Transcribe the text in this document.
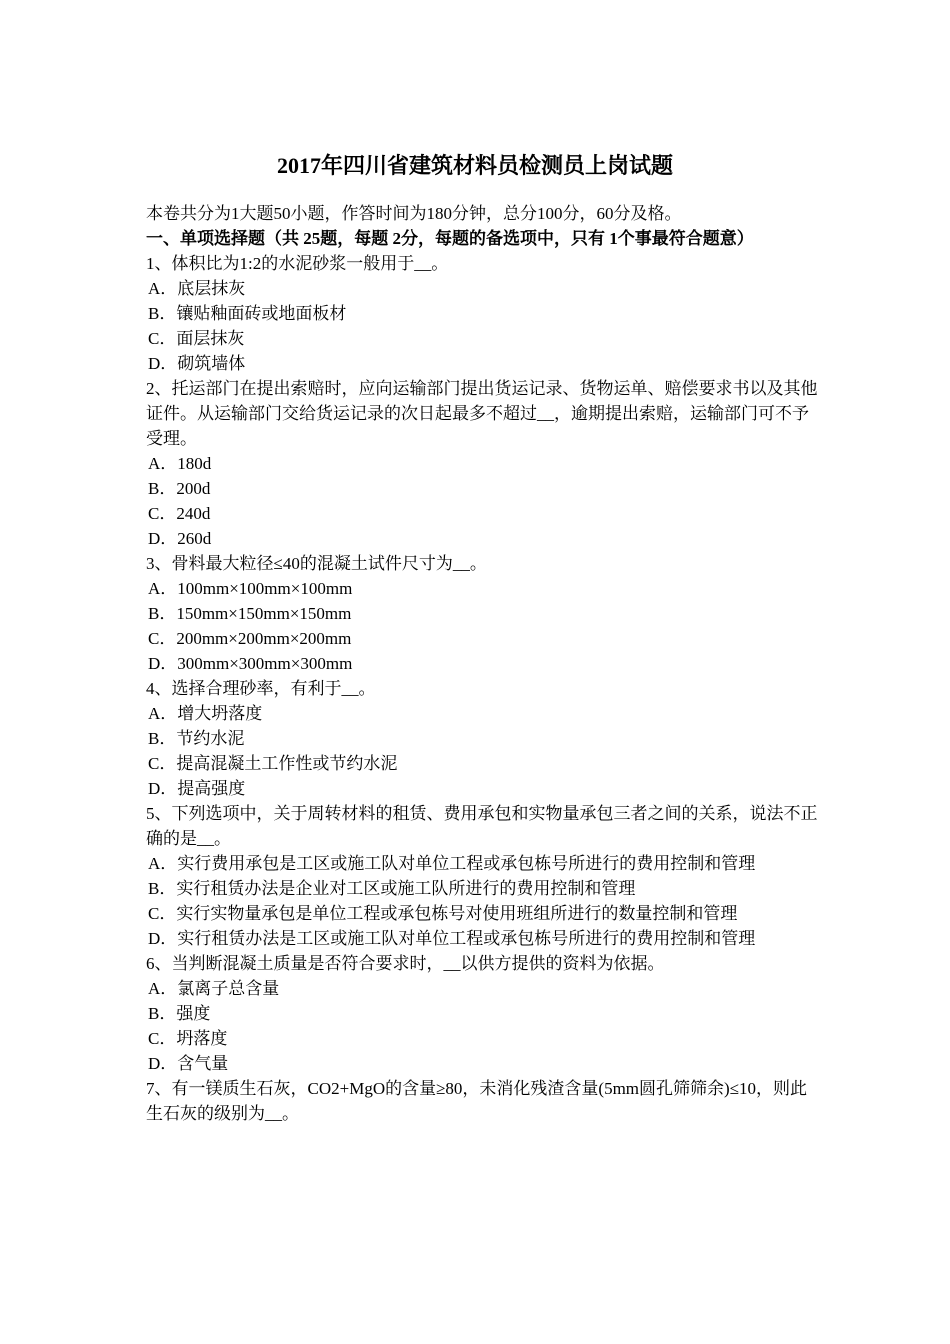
2017年四川省建筑材料员检测员上岗试题
本卷共分为1大题50小题，作答时间为180分钟，总分100分，60分及格。
一、单项选择题（共 25题，每题 2分，每题的备选项中，只有 1个事最符合题意）
1、体积比为1:2的水泥砂浆一般用于__。
A．底层抹灰
B．镶贴釉面砖或地面板材
C．面层抹灰
D．砌筑墙体
2、托运部门在提出索赔时，应向运输部门提出货运记录、货物运单、赔偿要求书以及其他证件。从运输部门交给货运记录的次日起最多不超过__，逾期提出索赔，运输部门可不予受理。
A．180d
B．200d
C．240d
D．260d
3、骨料最大粒径≤40的混凝土试件尺寸为__。
A．100mm×100mm×100mm
B．150mm×150mm×150mm
C．200mm×200mm×200mm
D．300mm×300mm×300mm
4、选择合理砂率，有利于__。
A．增大坍落度
B．节约水泥
C．提高混凝土工作性或节约水泥
D．提高强度
5、下列选项中，关于周转材料的租赁、费用承包和实物量承包三者之间的关系，说法不正确的是__。
A．实行费用承包是工区或施工队对单位工程或承包栋号所进行的费用控制和管理
B．实行租赁办法是企业对工区或施工队所进行的费用控制和管理
C．实行实物量承包是单位工程或承包栋号对使用班组所进行的数量控制和管理
D．实行租赁办法是工区或施工队对单位工程或承包栋号所进行的费用控制和管理
6、当判断混凝土质量是否符合要求时，__以供方提供的资料为依据。
A．氯离子总含量
B．强度
C．坍落度
D．含气量
7、有一镁质生石灰，CO2+MgO的含量≥80，未消化残渣含量(5mm圆孔筛筛余)≤10，则此生石灰的级别为__。
